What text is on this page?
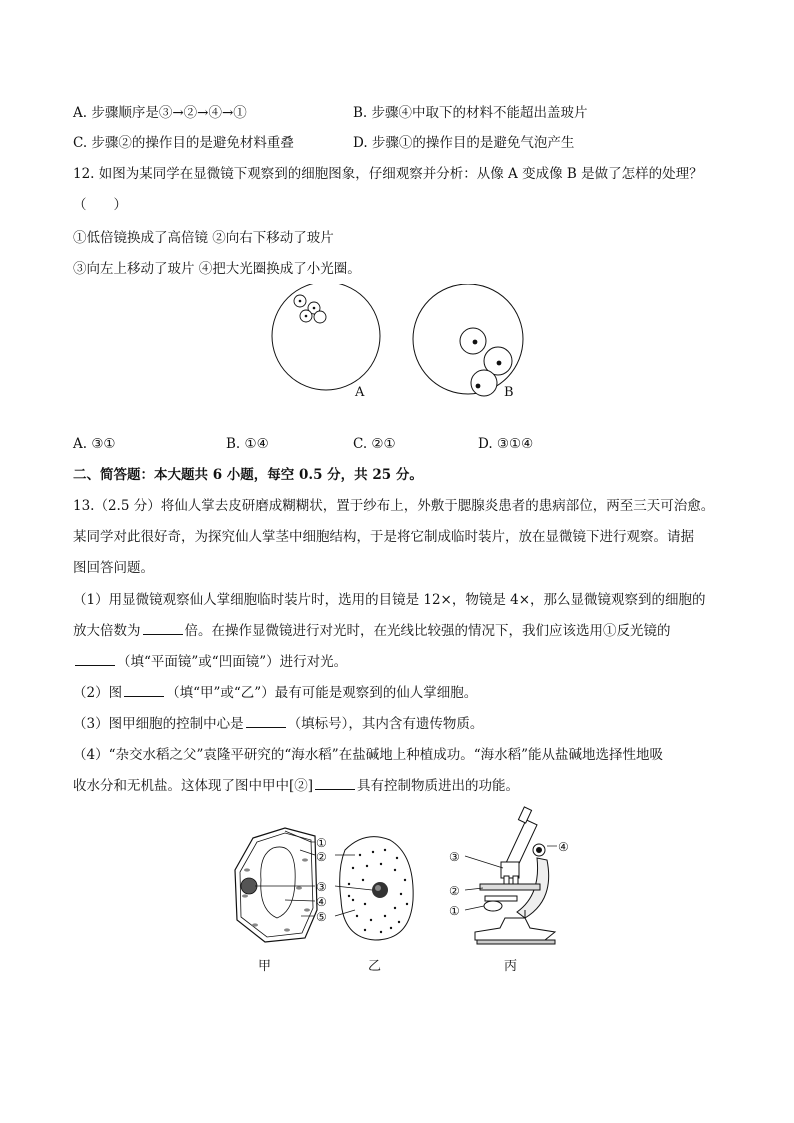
A. 步骤顺序是③→②→④→①	B. 步骤④中取下的材料不能超出盖玻片
C. 步骤②的操作目的是避免材料重叠	D. 步骤①的操作目的是避免气泡产生
12. 如图为某同学在显微镜下观察到的细胞图象，仔细观察并分析：从像 A 变成像 B 是做了怎样的处理？
（　　）
①低倍镜换成了高倍镜 ②向右下移动了玻片
③向左上移动了玻片 ④把大光圈换成了小光圈。
A	B
A. ③①	B. ①④	C. ②①	D. ③①④
二、简答题：本大题共 6 小题，每空 0.5 分，共 25 分。
13.（2.5 分）将仙人掌去皮研磨成糊糊状，置于纱布上，外敷于腮腺炎患者的患病部位，两至三天可治愈。
某同学对此很好奇，为探究仙人掌茎中细胞结构，于是将它制成临时装片，放在显微镜下进行观察。请据
图回答问题。
（1）用显微镜观察仙人掌细胞临时装片时，选用的目镜是 12×，物镜是 4×，那么显微镜观察到的细胞的
放大倍数为	倍。在操作显微镜进行对光时，在光线比较强的情况下，我们应该选用①反光镜的
（填“平面镜”或“凹面镜”）进行对光。
（2）图	（填“甲”或“乙”）最有可能是观察到的仙人掌细胞。
（3）图甲细胞的控制中心是	（填标号），其内含有遗传物质。
（4）“杂交水稻之父”袁隆平研究的“海水稻”在盐碱地上种植成功。“海水稻”能从盐碱地选择性地吸
收水分和无机盐。这体现了图中甲中[②]	具有控制物质进出的功能。
①
②
③
④
⑤
③
②
①
④
甲	乙	丙
